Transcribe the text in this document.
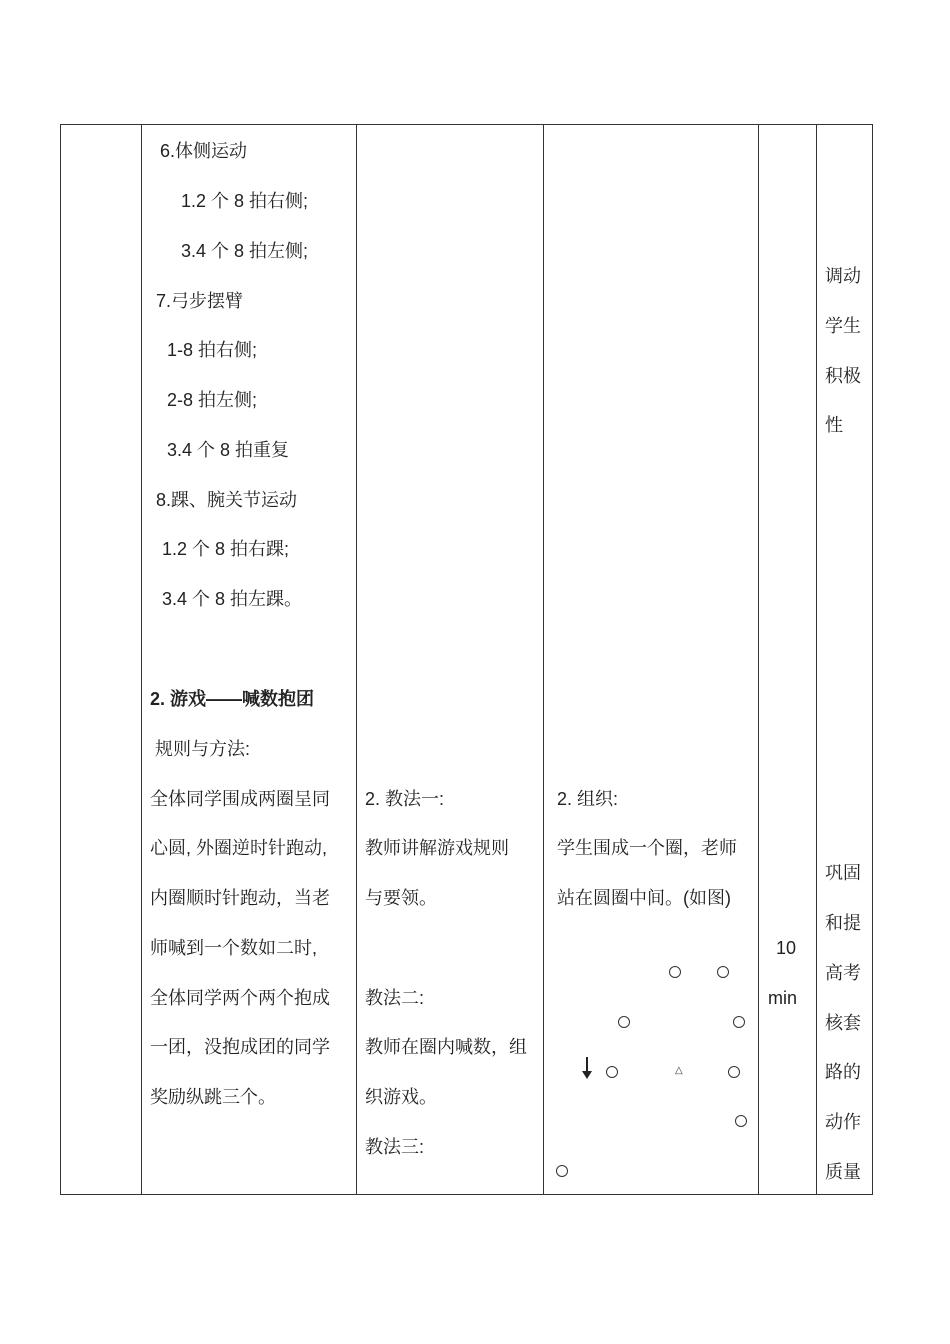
6.体侧运动
1.2 个 8 拍右侧;
3.4 个 8 拍左侧;
7.弓步摆臂
1-8 拍右侧;
2-8 拍左侧;
3.4 个 8 拍重复
8.踝、腕关节运动
1.2 个 8 拍右踝;
3.4 个 8 拍左踝。
2. 游戏——喊数抱团
规则与方法:
全体同学围成两圈呈同
心圆, 外圈逆时针跑动,
内圈顺时针跑动，当老
师喊到一个数如二时,
全体同学两个两个抱成
一团，没抱成团的同学
奖励纵跳三个。
2. 教法一:
教师讲解游戏规则
与要领。
教法二:
教师在圈内喊数，组
织游戏。
教法三:
2. 组织:
学生围成一个圈，老师
站在圆圈中间。(如图)
△
10
min
调动
学生
积极
性
巩固
和提
高考
核套
路的
动作
质量
